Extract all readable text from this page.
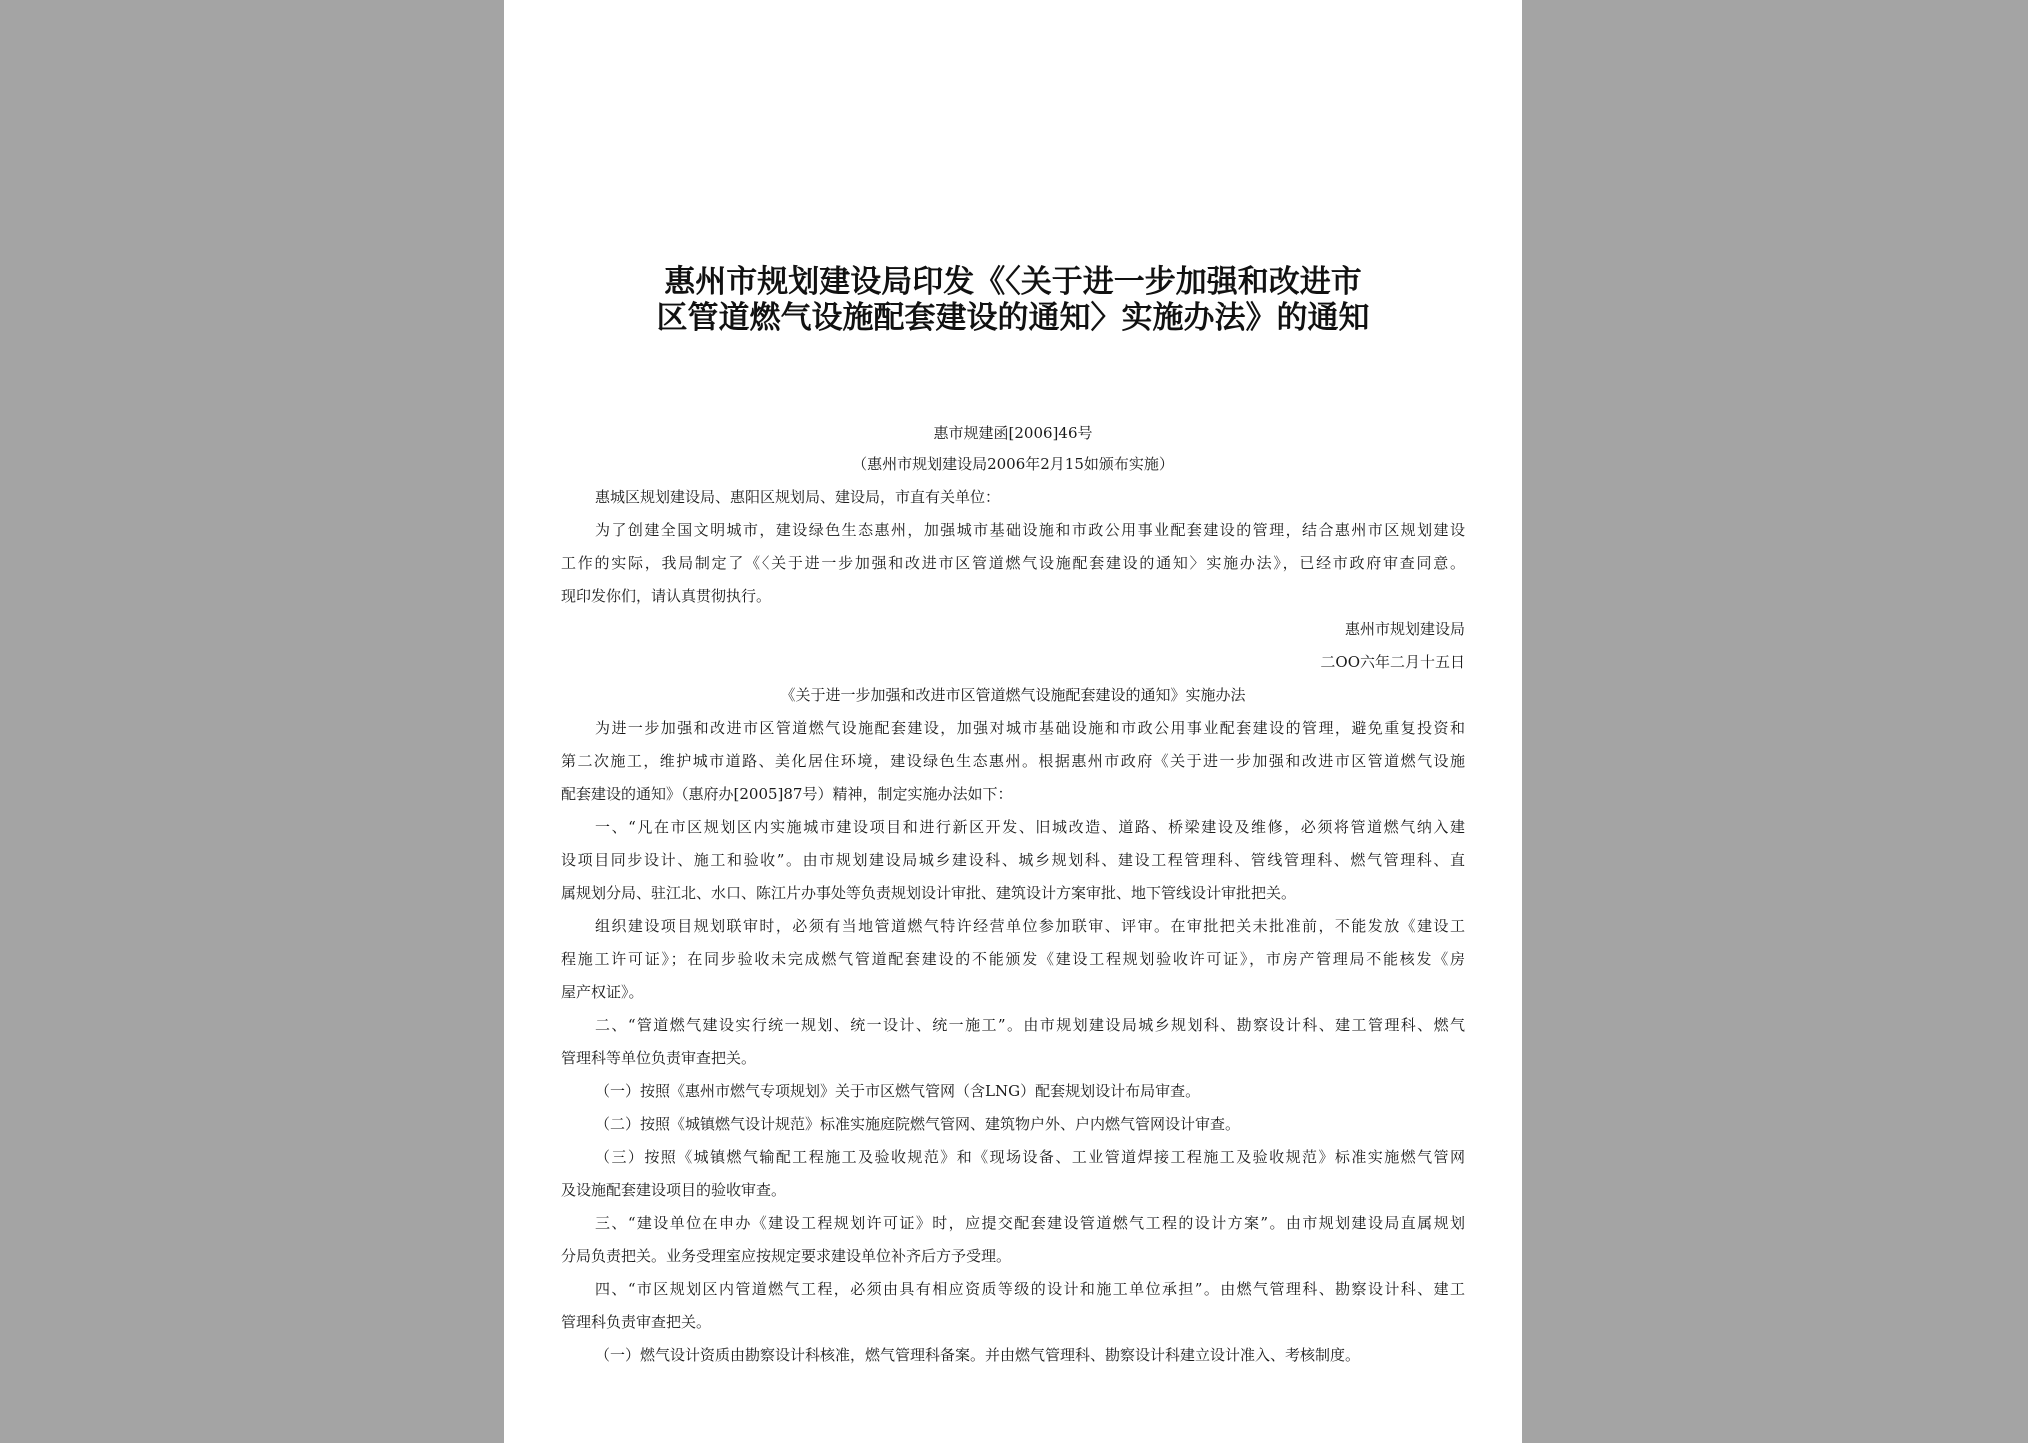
惠州市规划建设局印发《〈关于进一步加强和改进市
区管道燃气设施配套建设的通知〉实施办法》的通知

惠市规建函[2006]46号

（惠州市规划建设局2006年2月15如颁布实施）

惠城区规划建设局、惠阳区规划局、建设局，市直有关单位：

为了创建全国文明城市，建设绿色生态惠州，加强城市基础设施和市政公用事业配套建设的管理，结合惠州市区规划建设

工作的实际，我局制定了《〈关于进一步加强和改进市区管道燃气设施配套建设的通知〉实施办法》，已经市政府审查同意。

现印发你们，请认真贯彻执行。

惠州市规划建设局

二OO六年二月十五日

《关于进一步加强和改进市区管道燃气设施配套建设的通知》实施办法

为进一步加强和改进市区管道燃气设施配套建设，加强对城市基础设施和市政公用事业配套建设的管理，避免重复投资和

第二次施工，维护城市道路、美化居住环境，建设绿色生态惠州。根据惠州市政府《关于进一步加强和改进市区管道燃气设施

配套建设的通知》（惠府办[2005]87号）精神，制定实施办法如下：

一、“凡在市区规划区内实施城市建设项目和进行新区开发、旧城改造、道路、桥梁建设及维修，必须将管道燃气纳入建

设项目同步设计、施工和验收”。由市规划建设局城乡建设科、城乡规划科、建设工程管理科、管线管理科、燃气管理科、直

属规划分局、驻江北、水口、陈江片办事处等负责规划设计审批、建筑设计方案审批、地下管线设计审批把关。

组织建设项目规划联审时，必须有当地管道燃气特许经营单位参加联审、评审。在审批把关未批准前，不能发放《建设工

程施工许可证》；在同步验收未完成燃气管道配套建设的不能颁发《建设工程规划验收许可证》，市房产管理局不能核发《房

屋产权证》。

二、“管道燃气建设实行统一规划、统一设计、统一施工”。由市规划建设局城乡规划科、勘察设计科、建工管理科、燃气

管理科等单位负责审查把关。

（一）按照《惠州市燃气专项规划》关于市区燃气管网（含LNG）配套规划设计布局审查。

（二）按照《城镇燃气设计规范》标准实施庭院燃气管网、建筑物户外、户内燃气管网设计审查。

（三）按照《城镇燃气输配工程施工及验收规范》和《现场设备、工业管道焊接工程施工及验收规范》标准实施燃气管网

及设施配套建设项目的验收审查。

三、“建设单位在申办《建设工程规划许可证》时，应提交配套建设管道燃气工程的设计方案”。由市规划建设局直属规划

分局负责把关。业务受理室应按规定要求建设单位补齐后方予受理。

四、“市区规划区内管道燃气工程，必须由具有相应资质等级的设计和施工单位承担”。由燃气管理科、勘察设计科、建工

管理科负责审查把关。

（一）燃气设计资质由勘察设计科核准，燃气管理科备案。并由燃气管理科、勘察设计科建立设计准入、考核制度。
